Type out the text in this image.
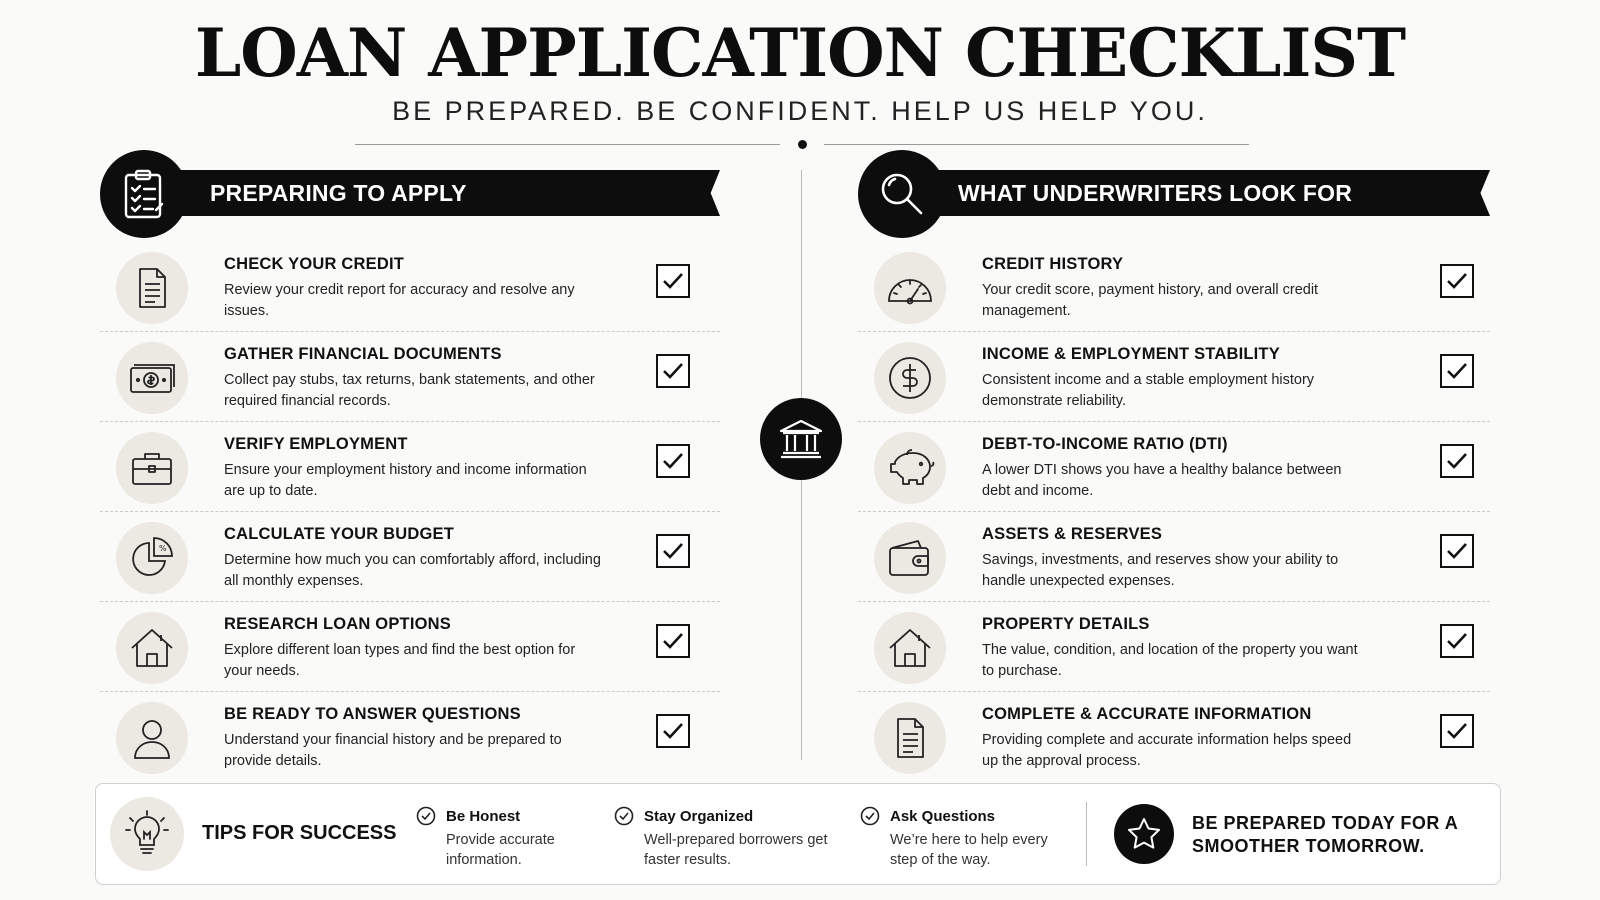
LOAN APPLICATION CHECKLIST
BE PREPARED. BE CONFIDENT. HELP US HELP YOU.
PREPARING TO APPLY
CHECK YOUR CREDIT
Review your credit report for accuracy and resolve any issues.
GATHER FINANCIAL DOCUMENTS
Collect pay stubs, tax returns, bank statements, and other required financial records.
VERIFY EMPLOYMENT
Ensure your employment history and income information are up to date.
%
CALCULATE YOUR BUDGET
Determine how much you can comfortably afford, including all monthly expenses.
RESEARCH LOAN OPTIONS
Explore different loan types and find the best option for your needs.
BE READY TO ANSWER QUESTIONS
Understand your financial history and be prepared to provide details.
WHAT UNDERWRITERS LOOK FOR
CREDIT HISTORY
Your credit score, payment history, and overall credit management.
INCOME & EMPLOYMENT STABILITY
Consistent income and a stable employment history demonstrate reliability.
DEBT-TO-INCOME RATIO (DTI)
A lower DTI shows you have a healthy balance between debt and income.
ASSETS & RESERVES
Savings, investments, and reserves show your ability to handle unexpected expenses.
PROPERTY DETAILS
The value, condition, and location of the property you want to purchase.
COMPLETE & ACCURATE INFORMATION
Providing complete and accurate information helps speed up the approval process.
TIPS FOR SUCCESS
Be Honest
Provide accurate information.
Stay Organized
Well-prepared borrowers get faster results.
Ask Questions
We’re here to help every step of the way.
BE PREPARED TODAY FOR A SMOOTHER TOMORROW.
